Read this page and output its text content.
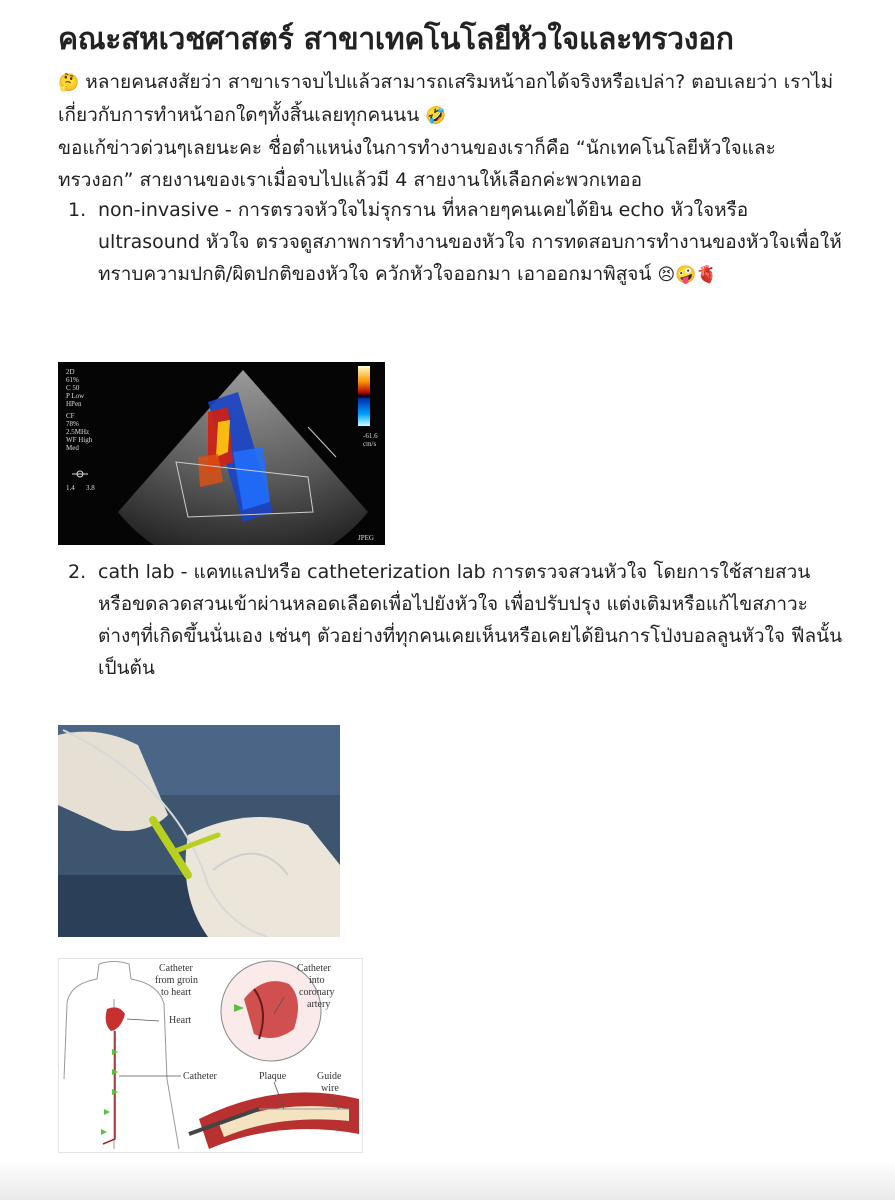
คณะสหเวชศาสตร์ สาขาเทคโนโลยีหัวใจและทรวงอก

🤔 หลายคนสงสัยว่า สาขาเราจบไปแล้วสามารถเสริมหน้าอกได้จริงหรือเปล่า? ตอบเลยว่า เราไม่เกี่ยวกับการทำหน้าอกใดๆทั้งสิ้นเลยทุกคนนน 🤣

ขอแก้ข่าวด่วนๆเลยนะคะ ชื่อตำแหน่งในการทำงานของเราก็คือ “นักเทคโนโลยีหัวใจและทรวงอก” สายงานของเราเมื่อจบไปแล้วมี 4 สายงานให้เลือกค่ะพวกเทออ

1. non-invasive - การตรวจหัวใจไม่รุกราน ที่หลายๆคนเคยได้ยิน echo หัวใจหรือ ultrasound หัวใจ ตรวจดูสภาพการทำงานของหัวใจ การทดสอบการทำงานของหัวใจเพื่อให้ทราบความปกติ/ผิดปกติของหัวใจ ควักหัวใจออกมา เอาออกมาพิสูจน์ 😣🤪🫀
2D
61%
C 50
P Low
HPen
CF
78%
2.5MHz
WF High
Med
-61.6
cm/s
JPEG
1.4 3.8
2. cath lab - แคทแลปหรือ catheterization lab การตรวจสวนหัวใจ โดยการใช้สายสวนหรือขดลวดสวนเข้าผ่านหลอดเลือดเพื่อไปยังหัวใจ เพื่อปรับปรุง แต่งเติมหรือแก้ไขสภาวะต่างๆที่เกิดขึ้นนั่นเอง เช่นๆ ตัวอย่างที่ทุกคนเคยเห็นหรือเคยได้ยินการโป่งบอลลูนหัวใจ ฟีลนั้นเป็นต้น
Catheter
from groin
to heart
Heart
Catheter
Catheter
into
coronary
artery
Plaque	Guide
wire
